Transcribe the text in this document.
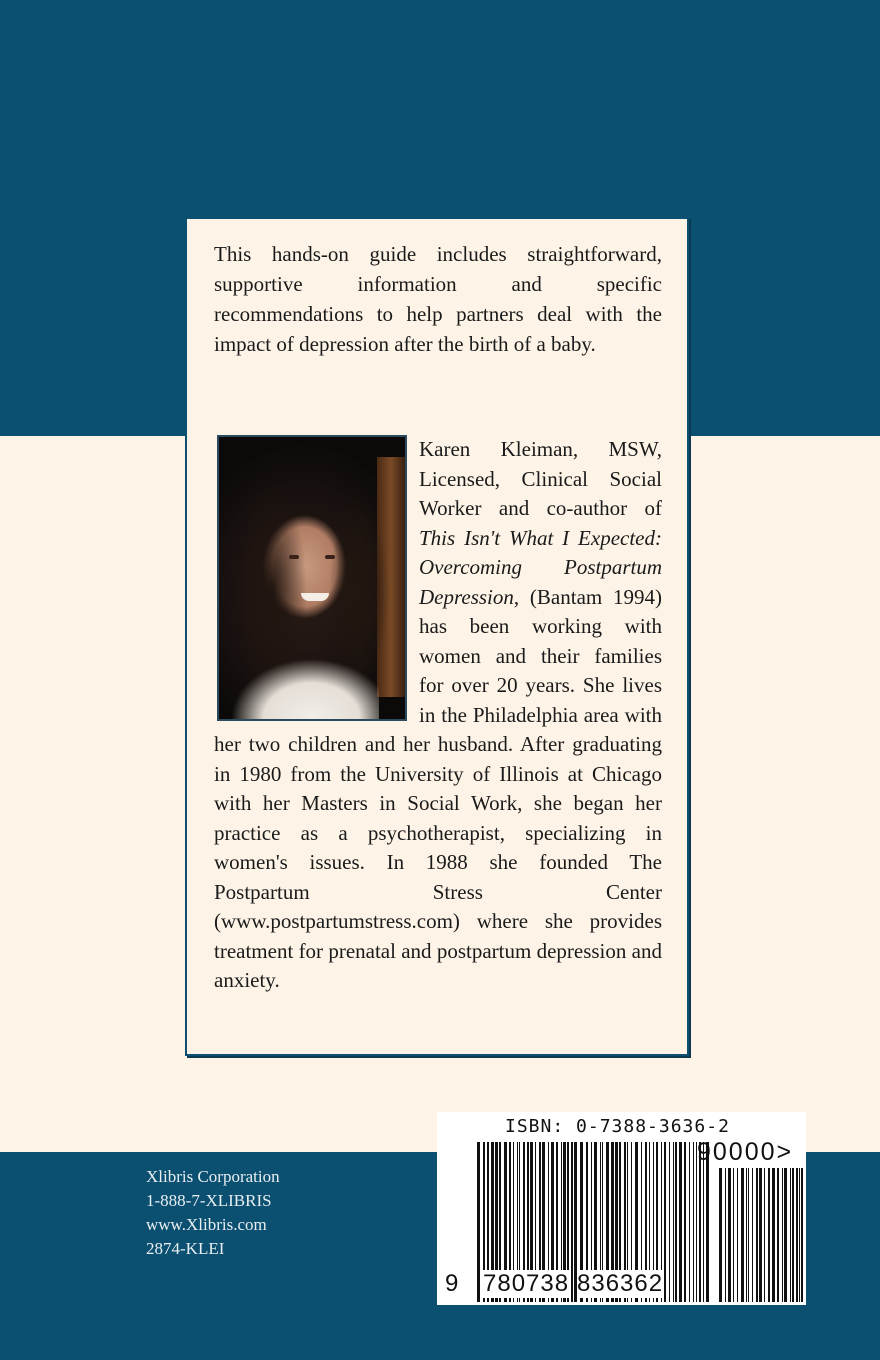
This hands-on guide includes straightforward, supportive information and specific recommendations to help partners deal with the impact of depression after the birth of a baby.

Karen Kleiman, MSW, Licensed, Clinical Social Worker and co-author of This Isn't What I Expected: Overcoming Postpartum Depression, (Bantam 1994) has been working with women and their families for over 20 years. She lives in the Philadelphia area with her two children and her husband. After graduating in 1980 from the University of Illinois at Chicago with her Masters in Social Work, she began her practice as a psychotherapist, specializing in women's issues. In 1988 she founded The Postpartum Stress Center (www.postpartumstress.com) where she provides treatment for prenatal and postpartum depression and anxiety.
Xlibris Corporation
1-888-7-XLIBRIS
www.Xlibris.com
2874-KLEI
ISBN: 0-7388-3636-2
90000>
9 780738 836362
